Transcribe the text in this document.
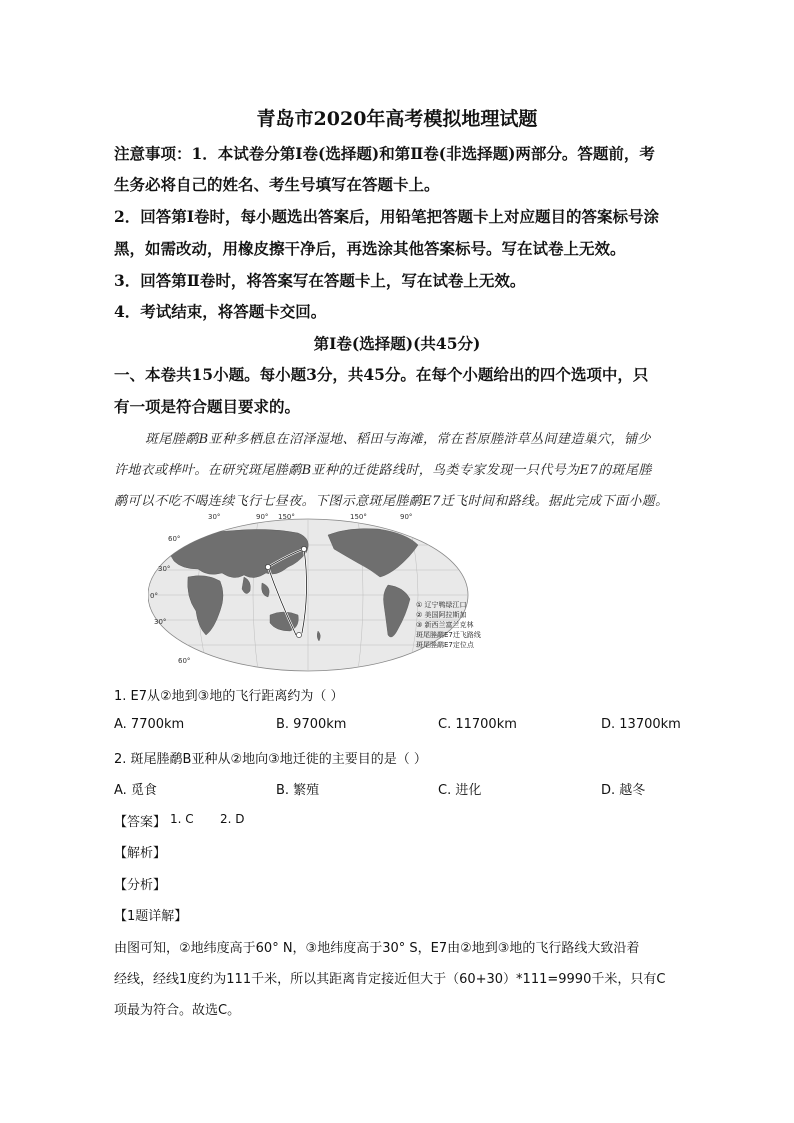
青岛市2020年高考模拟地理试题
注意事项：1．本试卷分第Ⅰ卷(选择题)和第Ⅱ卷(非选择题)两部分。答题前，考
生务必将自己的姓名、考生号填写在答题卡上。
2．回答第Ⅰ卷时，每小题选出答案后，用铅笔把答题卡上对应题目的答案标号涂
黑，如需改动，用橡皮擦干净后，再选涂其他答案标号。写在试卷上无效。
3．回答第Ⅱ卷时，将答案写在答题卡上，写在试卷上无效。
4．考试结束，将答题卡交回。
第Ⅰ卷(选择题)(共45分)
一、本卷共15小题。每小题3分，共45分。在每个小题给出的四个选项中，只
有一项是符合题目要求的。
斑尾塍鹬B亚种多栖息在沼泽湿地、稻田与海滩，常在苔原塍浒草丛间建造巢穴，铺少
许地衣或桦叶。在研究斑尾塍鹬B亚种的迁徙路线时，鸟类专家发现一只代号为E7的斑尾塍
鹬可以不吃不喝连续飞行七昼夜。下图示意斑尾塍鹬E7迁飞时间和路线。据此完成下面小题。
30°	90° 150°	150°	90°
60°
30°
0°
30°
60°
① 辽宁鸭绿江口
② 美国阿拉斯加
③ 新西兰富兰克林
斑尾塍鹬E7迁飞路线
斑尾塍鹬E7定位点
1. E7从②地到③地的飞行距离约为（ ）
A. 7700km	B. 9700km	C. 11700km	D. 13700km
2. 斑尾塍鹬B亚种从②地向③地迁徙的主要目的是（ ）
A. 觅食	B. 繁殖	C. 进化	D. 越冬
【答案】 1. C 2. D
【解析】
【分析】
【1题详解】
由图可知，②地纬度高于60° N，③地纬度高于30° S，E7由②地到③地的飞行路线大致沿着
经线，经线1度约为111千米，所以其距离肯定接近但大于（60+30）*111=9990千米，只有C
项最为符合。故选C。
